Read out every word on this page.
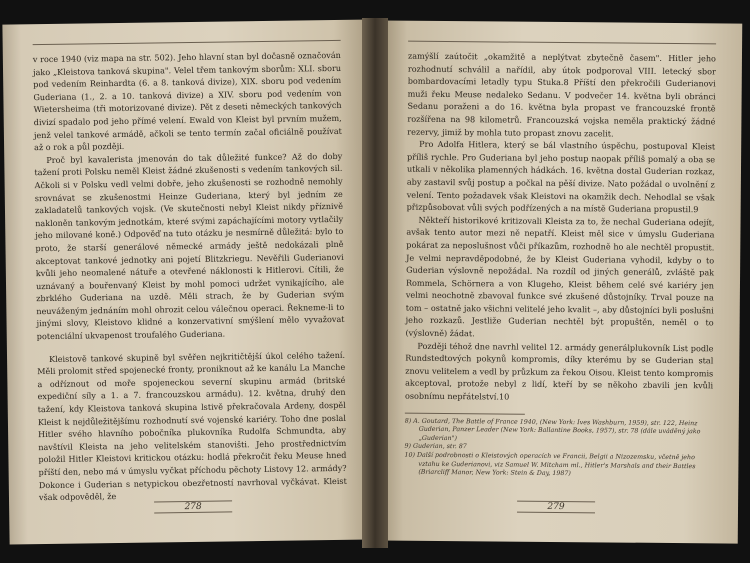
v roce 1940 (viz mapa na str. 502). Jeho hlavní stan byl dočasně označován jako „Kleistova tanková skupina". Velel třem tankovým sborům: XLI. sboru pod vedením Reinhardta (6. a 8. tanková divize), XIX. sboru pod vedením Guderiana (1., 2. a 10. tanková divize) a XIV. sboru pod vedením von Wietersheima (tři motorizované divize). Pět z deseti německých tankových divizí spadalo pod jeho přímé velení. Ewald von Kleist byl prvním mužem, jenž velel tankové armádě, ačkoli se tento termín začal oficiálně používat až o rok a půl později.

Proč byl kavalerista jmenován do tak důležité funkce? Až do doby tažení proti Polsku neměl Kleist žádné zkušenosti s vedením tankových sil. Ačkoli si v Polsku vedl velmi dobře, jeho zkušenosti se rozhodně nemohly srovnávat se zkušenostmi Heinze Guderiana, který byl jedním ze zakladatelů tankových vojsk. (Ve skutečnosti nebyl Kleist nikdy příznivě nakloněn tankovým jednotkám, které svými zapáchajícími motory vytlačily jeho milované koně.) Odpověď na tuto otázku je nesmírně důležitá: bylo to proto, že starší generálové německé armády ještě nedokázali plně akceptovat tankové jednotky ani pojetí Blitzkriegu. Nevěřili Guderianovi kvůli jeho neomalené nátuře a otevřené náklonosti k Hitlerovi. Cítili, že uznávaný a bouřenvaný Kleist by mohl pomoci udržet vynikajícího, ale zbrklého Guderiana na uzdě. Měli strach, že by Guderian svým neuváženým jednáním mohl ohrozit celou válečnou operaci. Řekneme-li to jinými slovy, Kleistovo klidné a konzervativní smýšlení mělo vyvažovat potenciální ukvapenost troufalého Guderiana.

Kleistově tankové skupině byl svěřen nejkritičtější úkol celého tažení. Měli prolomit střed spojenecké fronty, proniknout až ke kanálu La Manche a odříznout od moře spojeneckou severní skupinu armád (britské expediční síly a 1. a 7. francouzskou armádu). 12. května, druhý den tažení, kdy Kleistova tanková skupina lstivě překračovala Ardeny, dospěl Kleist k nejdůležitějšímu rozhodnutí své vojenské kariéry. Toho dne poslal Hitler svého hlavního pobočníka plukovníka Rudolfa Schmundta, aby navštívil Kleista na jeho velitelském stanovišti. Jeho prostřednictvím položil Hitler Kleistovi kritickou otázku: hodlá překročit řeku Meuse hned příští den, nebo má v úmyslu vyčkat příchodu pěchoty Listovy 12. armády? Dokonce i Guderian s netypickou obezřetností navrhoval vyčkávat. Kleist však odpověděl, že

278

zamýšlí zaútočit „okamžitě a neplýtvat zbytečně časem". Hitler jeho rozhodnutí schválil a nařídil, aby útok podporoval VIII. letecký sbor bombardovacími letadly typu Stuka.8 Příští den překročili Guderianovi muži řeku Meuse nedaleko Sedanu. V podvečer 14. května byli obránci Sedanu poraženi a do 16. května byla propast ve francouzské frontě rozšířena na 98 kilometrů. Francouzská vojska neměla praktický žádné rezervy, jimiž by mohla tuto propast znovu zacelit.

Pro Adolfa Hitlera, který se bál vlastního úspěchu, postupoval Kleist příliš rychle. Pro Guderiana byl jeho postup naopak příliš pomalý a oba se utkali v několika plamenných hádkách. 16. května dostal Guderian rozkaz, aby zastavil svůj postup a počkal na pěší divize. Nato požádal o uvolnění z velení. Tento požadavek však Kleistovi na okamžik dech. Nehodlal se však přizpůsobovat vůli svých podřízených a na místě Guderiana propustil.9

Někteří historikové kritizovali Kleista za to, že nechal Guderiana odejít, avšak tento autor mezi ně nepatří. Kleist měl sice v úmyslu Guderiana pokárat za neposlušnost vůči příkazům, rozhodně ho ale nechtěl propustit. Je velmi nepravděpodobné, že by Kleist Guderiana vyhodil, kdyby o to Guderian výslovně nepožádal. Na rozdíl od jiných generálů, zvláště pak Rommela, Schörnera a von Klugeho, Kleist během celé své kariéry jen velmi neochotně zbavoval funkce své zkušené důstojníky. Trval pouze na tom – ostatně jako všichni velitelé jeho kvalit –, aby důstojníci byli poslušni jeho rozkazů. Jestliže Guderian nechtěl být propuštěn, neměl o to (výslovně) žádat.

Později téhož dne navrhl velitel 12. armády generálplukovník List podle Rundstedtových pokynů kompromis, díky kterému by se Guderian stal znovu velitelem a vedl by průzkum za řekou Oisou. Kleist tento kompromis akceptoval, protože nebyl z lidí, kteří by se někoho zbavili jen kvůli osobnímu nepřátelství.10

8) A. Goutard, The Battle of France 1940, (New York: Ives Washburn, 1959), str. 122, Heinz Guderian, Panzer Leader (New York: Ballantine Books, 1957), str. 78 (dále uváděný jako „Guderian")

9) Guderian, str. 87

10) Další podrobnosti o Kleistových operacích ve Francii, Belgii a Nizozemsku, včetně jeho vztahu ke Guderianovi, viz Samuel W. Mitcham ml., Hitler's Marshals and their Battles (Briarcliff Manor, New York: Stein & Day, 1987)

279
